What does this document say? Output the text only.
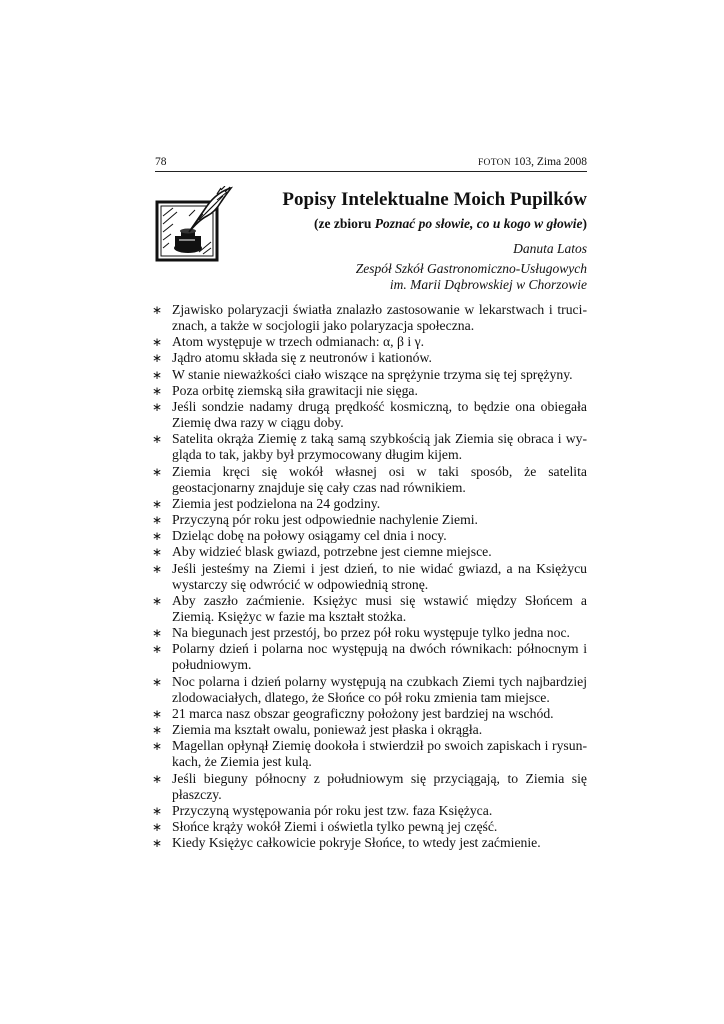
78	FOTON 103, Zima 2008
Popisy Intelektualne Moich Pupilków
(ze zbioru Poznać po słowie, co u kogo w głowie)
Danuta Latos
Zespół Szkół Gastronomiczno-Usługowych
im. Marii Dąbrowskiej w Chorzowie
∗ Zjawisko polaryzacji światła znalazło zastosowanie w lekarstwach i truciznach, a także w socjologii jako polaryzacja społeczna.
∗ Atom występuje w trzech odmianach: α, β i γ.
∗ Jądro atomu składa się z neutronów i kationów.
∗ W stanie nieważkości ciało wiszące na sprężynie trzyma się tej sprężyny.
∗ Poza orbitę ziemską siła grawitacji nie sięga.
∗ Jeśli sondzie nadamy drugą prędkość kosmiczną, to będzie ona obiegała Ziemię dwa razy w ciągu doby.
∗ Satelita okrąża Ziemię z taką samą szybkością jak Ziemia się obraca i wygląda to tak, jakby był przymocowany długim kijem.
∗ Ziemia kręci się wokół własnej osi w taki sposób, że satelita geostacjonarny znajduje się cały czas nad równikiem.
∗ Ziemia jest podzielona na 24 godziny.
∗ Przyczyną pór roku jest odpowiednie nachylenie Ziemi.
∗ Dzieląc dobę na połowy osiągamy cel dnia i nocy.
∗ Aby widzieć blask gwiazd, potrzebne jest ciemne miejsce.
∗ Jeśli jesteśmy na Ziemi i jest dzień, to nie widać gwiazd, a na Księżycu wystarczy się odwrócić w odpowiednią stronę.
∗ Aby zaszło zaćmienie. Księżyc musi się wstawić między Słońcem a Ziemią. Księżyc w fazie ma kształt stożka.
∗ Na biegunach jest przestój, bo przez pół roku występuje tylko jedna noc.
∗ Polarny dzień i polarna noc występują na dwóch równikach: północnym i południowym.
∗ Noc polarna i dzień polarny występują na czubkach Ziemi tych najbardziej zlodowaciałych, dlatego, że Słońce co pół roku zmienia tam miejsce.
∗ 21 marca nasz obszar geograficzny położony jest bardziej na wschód.
∗ Ziemia ma kształt owalu, ponieważ jest płaska i okrągła.
∗ Magellan opłynął Ziemię dookoła i stwierdził po swoich zapiskach i rysunkach, że Ziemia jest kulą.
∗ Jeśli bieguny północny z południowym się przyciągają, to Ziemia się płaszczy.
∗ Przyczyną występowania pór roku jest tzw. faza Księżyca.
∗ Słońce krąży wokół Ziemi i oświetla tylko pewną jej część.
∗ Kiedy Księżyc całkowicie pokryje Słońce, to wtedy jest zaćmienie.
